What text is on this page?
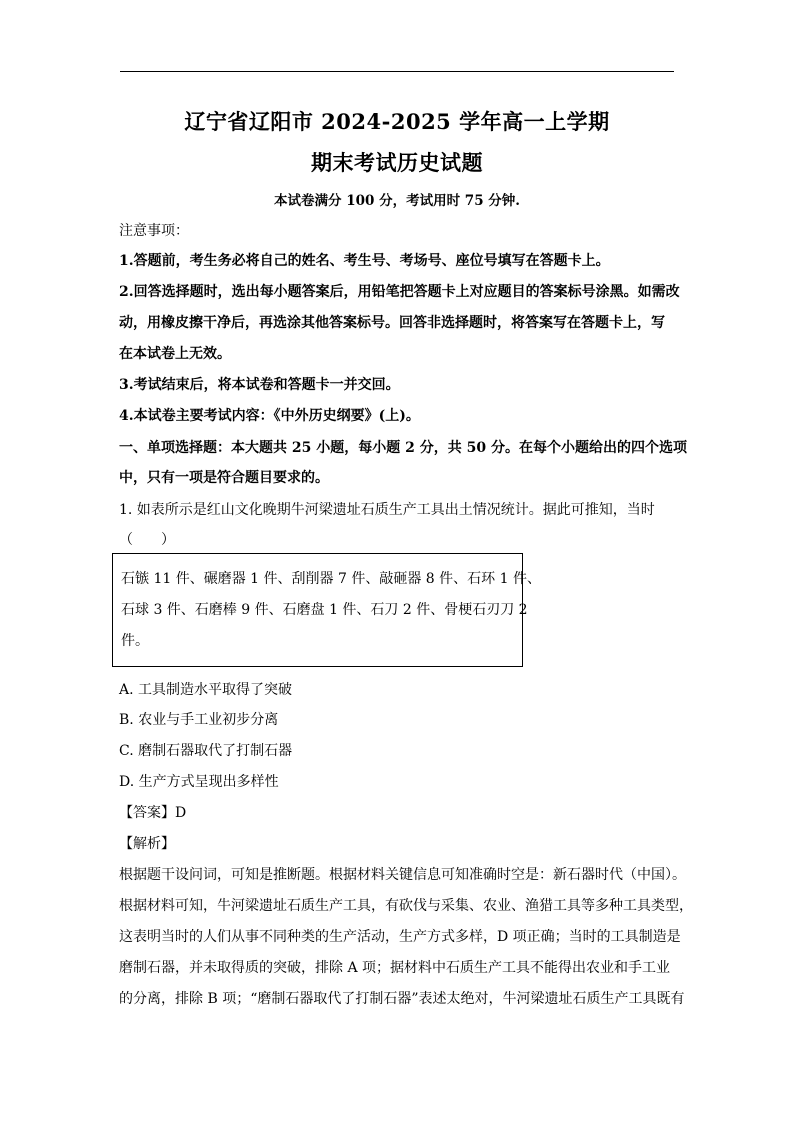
辽宁省辽阳市 2024-2025 学年高一上学期
期末考试历史试题
本试卷满分 100 分，考试用时 75 分钟.
注意事项：
1.答题前，考生务必将自己的姓名、考生号、考场号、座位号填写在答题卡上。
2.回答选择题时，选出每小题答案后，用铅笔把答题卡上对应题目的答案标号涂黑。如需改
动，用橡皮擦干净后，再选涂其他答案标号。回答非选择题时，将答案写在答题卡上，写
在本试卷上无效。
3.考试结束后，将本试卷和答题卡一并交回。
4.本试卷主要考试内容：《中外历史纲要》(上)。
一、单项选择题：本大题共 25 小题，每小题 2 分，共 50 分。在每个小题给出的四个选项
中，只有一项是符合题目要求的。
1. 如表所示是红山文化晚期牛河梁遗址石质生产工具出土情况统计。据此可推知，当时
（　　）
石镞 11 件、碾磨器 1 件、刮削器 7 件、敲砸器 8 件、石环 1 件、
石球 3 件、石磨棒 9 件、石磨盘 1 件、石刀 2 件、骨梗石刃刀 2
件。
A. 工具制造水平取得了突破
B. 农业与手工业初步分离
C. 磨制石器取代了打制石器
D. 生产方式呈现出多样性
【答案】D
【解析】
根据题干设问词，可知是推断题。根据材料关键信息可知准确时空是：新石器时代（中国）。
根据材料可知，牛河梁遗址石质生产工具，有砍伐与采集、农业、渔猎工具等多种工具类型，
这表明当时的人们从事不同种类的生产活动，生产方式多样，D 项正确；当时的工具制造是
磨制石器，并未取得质的突破，排除 A 项；据材料中石质生产工具不能得出农业和手工业
的分离，排除 B 项；“磨制石器取代了打制石器”表述太绝对，牛河梁遗址石质生产工具既有
